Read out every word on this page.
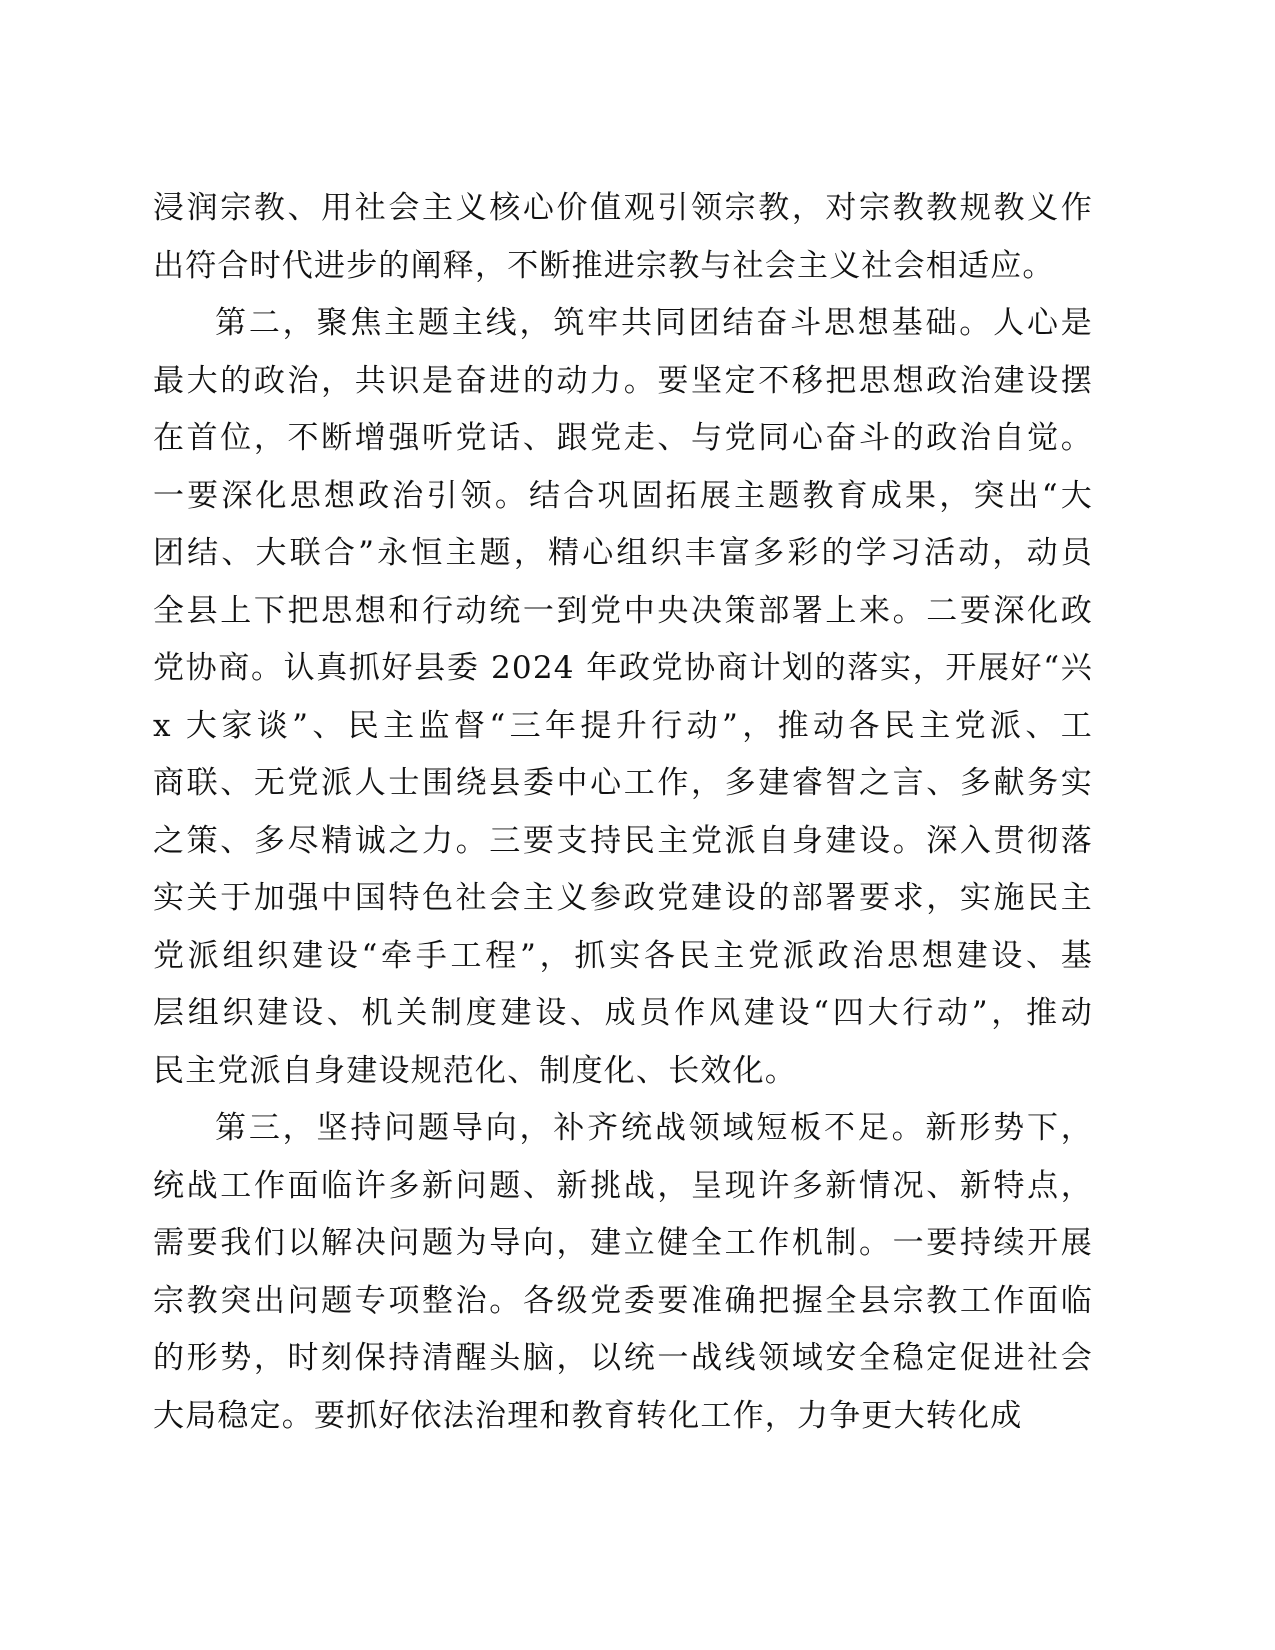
浸润宗教、用社会主义核心价值观引领宗教，对宗教教规教义作
出符合时代进步的阐释，不断推进宗教与社会主义社会相适应。
第二，聚焦主题主线，筑牢共同团结奋斗思想基础。人心是
最大的政治，共识是奋进的动力。要坚定不移把思想政治建设摆
在首位，不断增强听党话、跟党走、与党同心奋斗的政治自觉。
一要深化思想政治引领。结合巩固拓展主题教育成果，突出“大
团结、大联合”永恒主题，精心组织丰富多彩的学习活动，动员
全县上下把思想和行动统一到党中央决策部署上来。二要深化政
党协商。认真抓好县委 2024 年政党协商计划的落实，开展好“兴
x 大家谈”、民主监督“三年提升行动”，推动各民主党派、工
商联、无党派人士围绕县委中心工作，多建睿智之言、多献务实
之策、多尽精诚之力。三要支持民主党派自身建设。深入贯彻落
实关于加强中国特色社会主义参政党建设的部署要求，实施民主
党派组织建设“牵手工程”，抓实各民主党派政治思想建设、基
层组织建设、机关制度建设、成员作风建设“四大行动”，推动
民主党派自身建设规范化、制度化、长效化。
第三，坚持问题导向，补齐统战领域短板不足。新形势下，
统战工作面临许多新问题、新挑战，呈现许多新情况、新特点，
需要我们以解决问题为导向，建立健全工作机制。一要持续开展
宗教突出问题专项整治。各级党委要准确把握全县宗教工作面临
的形势，时刻保持清醒头脑，以统一战线领域安全稳定促进社会
大局稳定。要抓好依法治理和教育转化工作，力争更大转化成
